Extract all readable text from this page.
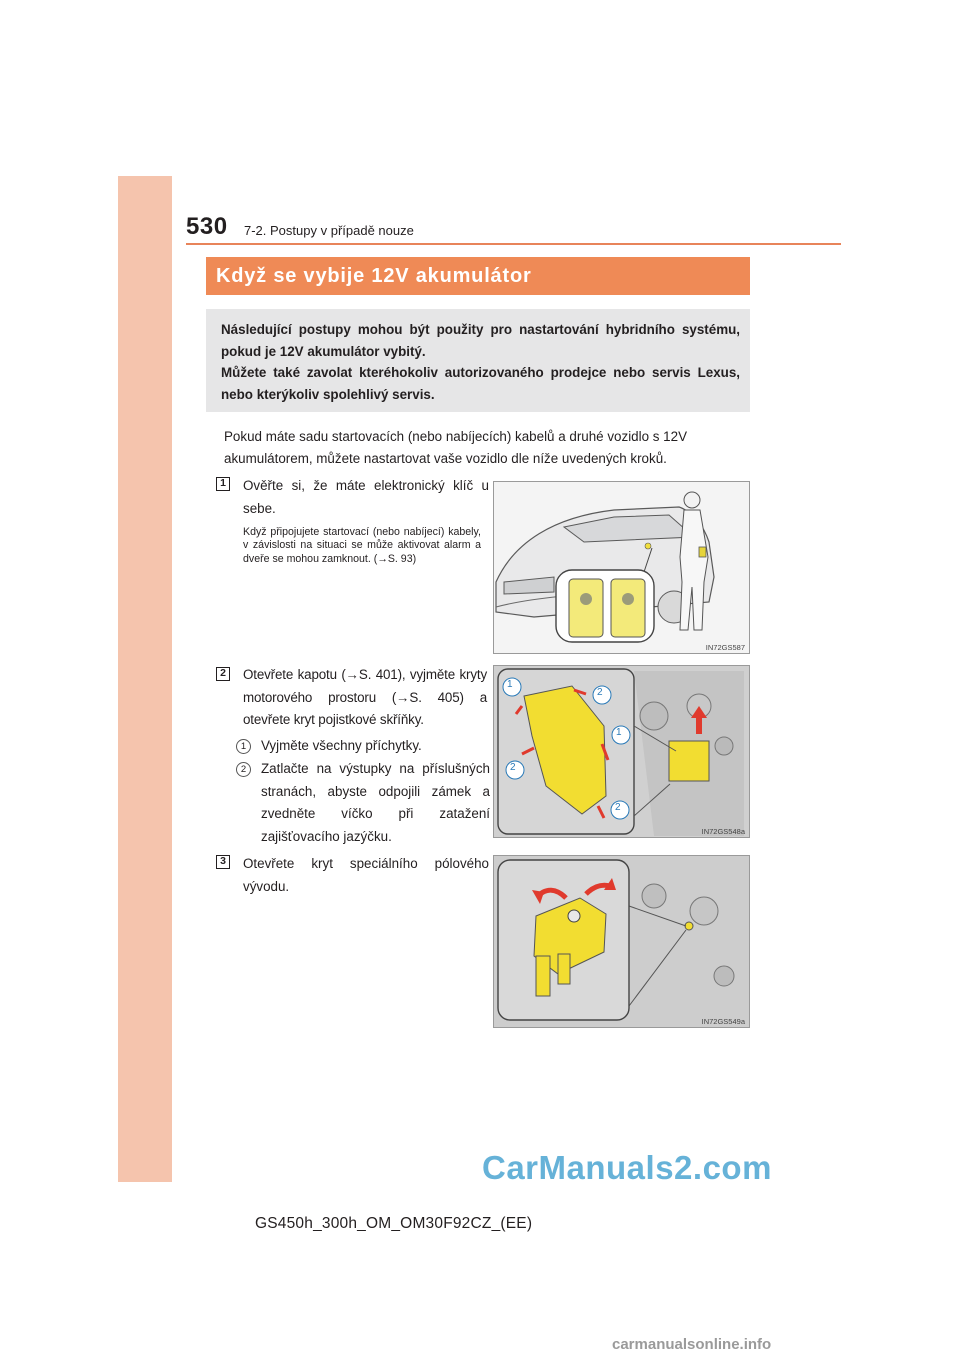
530 7-2. Postupy v případě nouze
Když se vybije 12V akumulátor

Následující postupy mohou být použity pro nastartování hybridního systému, pokud je 12V akumulátor vybitý.

Můžete také zavolat kteréhokoliv autorizovaného prodejce nebo servis Lexus, nebo kterýkoliv spolehlivý servis.

Pokud máte sadu startovacích (nebo nabíjecích) kabelů a druhé vozidlo s 12V akumulátorem, můžete nastartovat vaše vozidlo dle níže uvedených kroků.

1	Ověřte si, že máte elektronický klíč u sebe.

Když připojujete startovací (nebo nabíjecí) kabely, v závislosti na situaci se může aktivovat alarm a dveře se mohou zamknout. (→S. 93)

IN72GS587
2	Otevřete kapotu (→S. 401), vyjměte kryty motorového prostoru (→S. 405) a otevřete kryt pojistkové skříňky.

1	Vyjměte všechny příchytky.

2	Zatlačte na výstupky na příslušných stranách, abyste odpojili zámek a zvedněte víčko při zatažení zajišťovacího jazýčku.

1
2
1
2
2
IN72GS548a
3	Otevřete kryt speciálního pólového vývodu.

IN72GS549a
CarManuals2.com
GS450h_300h_OM_OM30F92CZ_(EE)
carmanualsonline.info
